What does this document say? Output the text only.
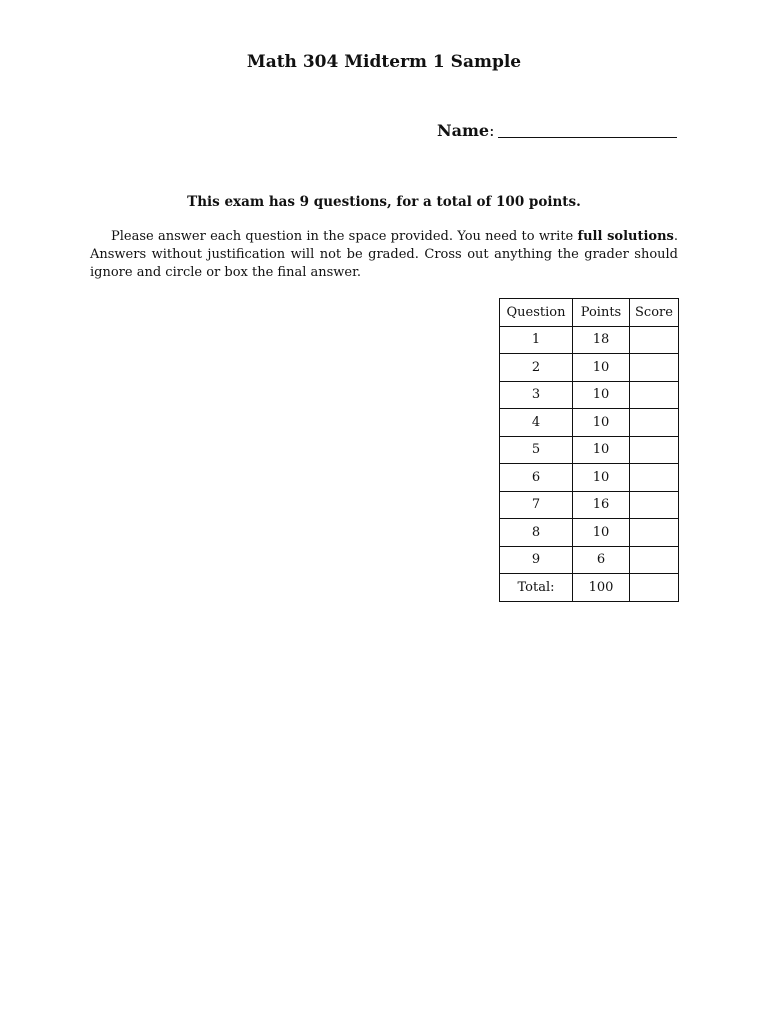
Math 304 Midterm 1 Sample
Name:
This exam has 9 questions, for a total of 100 points.
Please answer each question in the space provided. You need to write full solutions. Answers without justification will not be graded. Cross out anything the grader should ignore and circle or box the final answer.
Question	Points	Score
1	18	
2	10	
3	10	
4	10	
5	10	
6	10	
7	16	
8	10	
9	6	
Total:	100	
